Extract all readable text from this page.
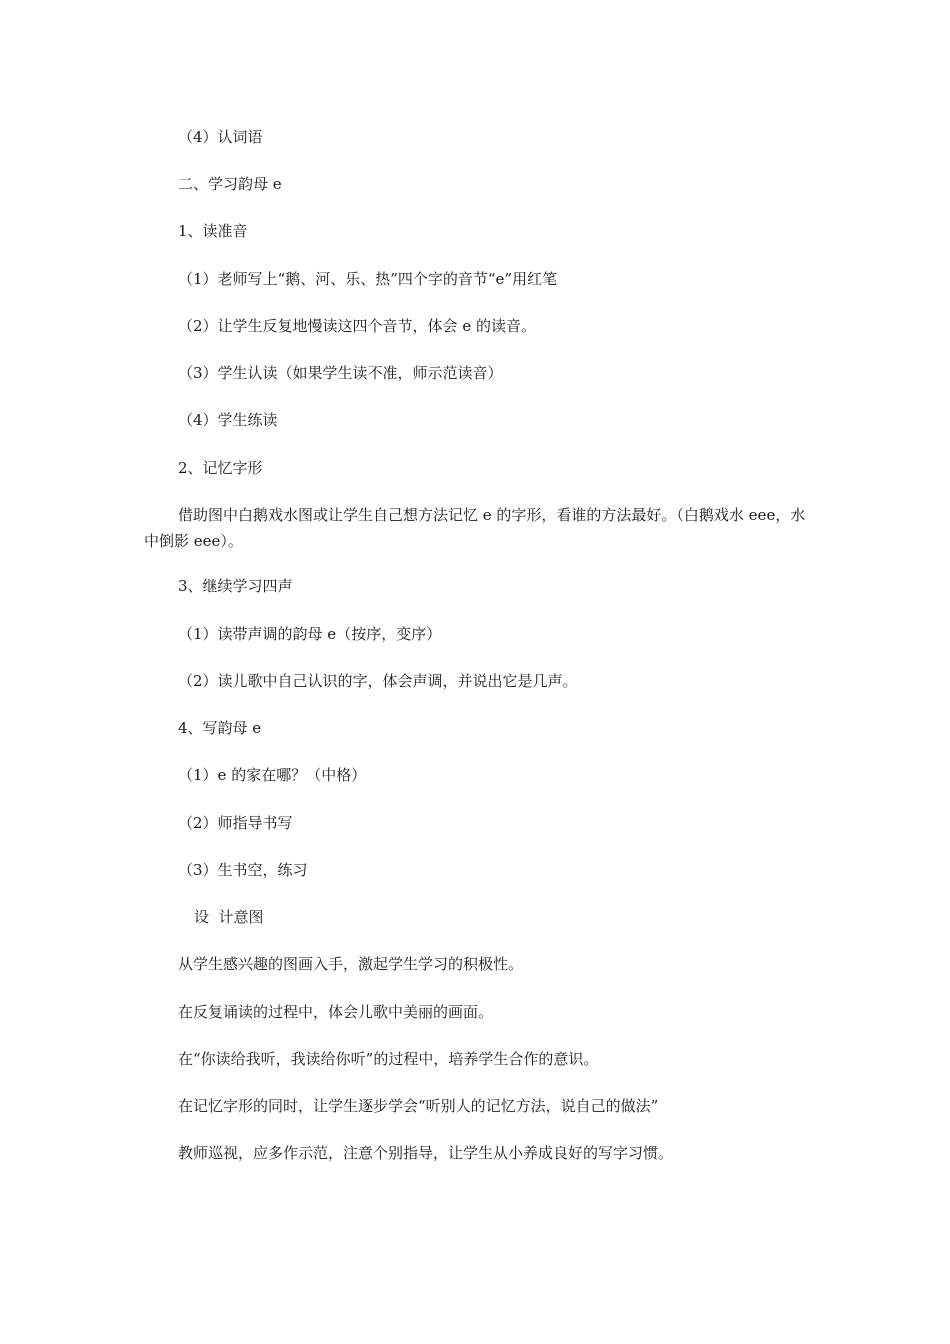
（4）认词语
二、学习韵母 e
1、读准音
（1）老师写上“鹅、河、乐、热”四个字的音节“e”用红笔
（2）让学生反复地慢读这四个音节，体会 e 的读音。
（3）学生认读（如果学生读不准，师示范读音）
（4）学生练读
2、记忆字形
借助图中白鹅戏水图或让学生自己想方法记忆 e 的字形，看谁的方法最好。（白鹅戏水 eee，水中倒影 eee）。
3、继续学习四声
（1）读带声调的韵母 e（按序，变序）
（2）读儿歌中自己认识的字，体会声调，并说出它是几声。
4、写韵母 e
（1）e 的家在哪？（中格）
（2）师指导书写
（3）生书空，练习
设  计意图
从学生感兴趣的图画入手，激起学生学习的积极性。
在反复诵读的过程中，体会儿歌中美丽的画面。
在“你读给我听，我读给你听”的过程中，培养学生合作的意识。
在记忆字形的同时，让学生逐步学会“听别人的记忆方法，说自己的做法”
教师巡视，应多作示范，注意个别指导，让学生从小养成良好的写字习惯。
